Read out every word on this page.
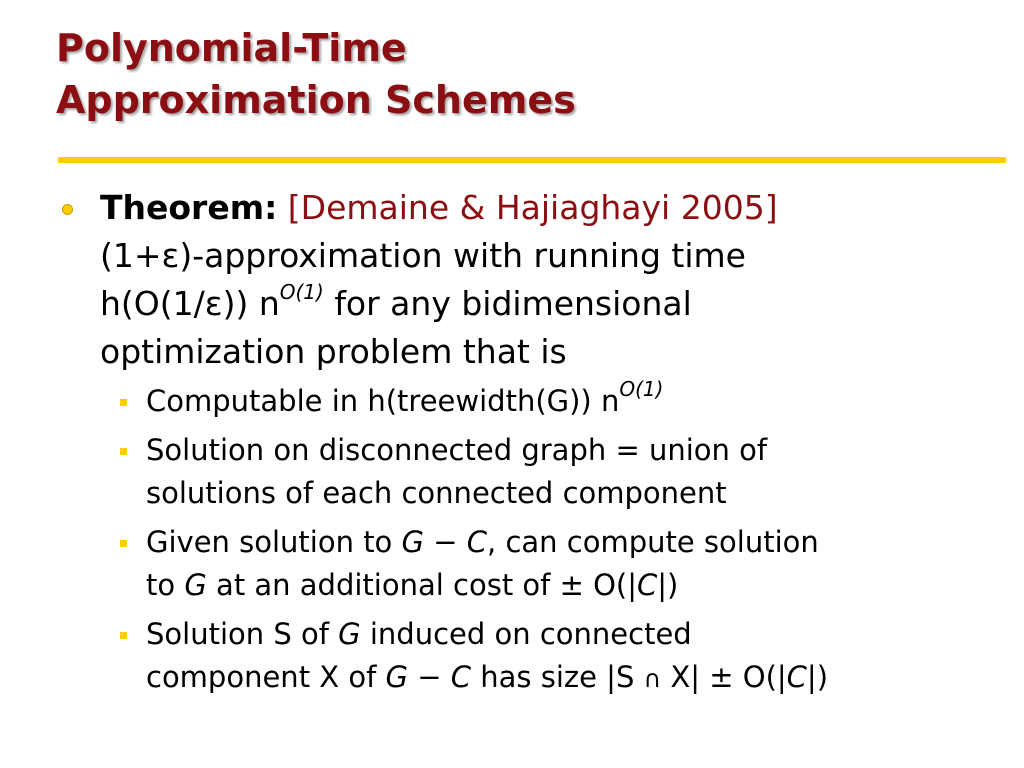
Polynomial-Time
Approximation Schemes
Theorem: [Demaine & Hajiaghayi 2005]
(1+ε)-approximation with running time
h(O(1/ε)) $n^{O(1)}$ for any bidimensional
optimization problem that is
Computable in h(treewidth(G)) $n^{O(1)}$
Solution on disconnected graph = union of
solutions of each connected component
Given solution to G − C, can compute solution
to G at an additional cost of ± O(|C|)
Solution S of G induced on connected
component X of G − C has size |S ∩ X| ± O(|C|)
